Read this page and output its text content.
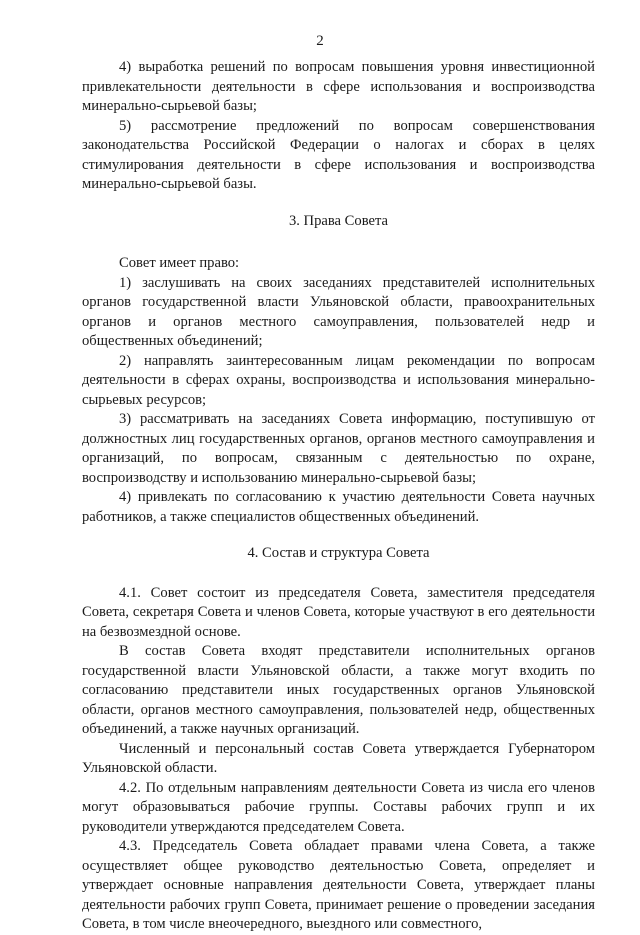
2

4) выработка решений по вопросам повышения уровня инвестиционной привлекательности деятельности в сфере использования и воспроизводства минерально-сырьевой базы;

5) рассмотрение предложений по вопросам совершенствования законодательства Российской Федерации о налогах и сборах в целях стимулирования деятельности в сфере использования и воспроизводства минерально-сырьевой базы.

3. Права Совета

Совет имеет право:

1) заслушивать на своих заседаниях представителей исполнительных органов государственной власти Ульяновской области, правоохранительных органов и органов местного самоуправления, пользователей недр и общественных объединений;

2) направлять заинтересованным лицам рекомендации по вопросам деятельности в сферах охраны, воспроизводства и использования минерально-сырьевых ресурсов;

3) рассматривать на заседаниях Совета информацию, поступившую от должностных лиц государственных органов, органов местного самоуправления и организаций, по вопросам, связанным с деятельностью по охране, воспроизводству и использованию минерально-сырьевой базы;

4) привлекать по согласованию к участию деятельности Совета научных работников, а также специалистов общественных объединений.

4. Состав и структура Совета

4.1. Совет состоит из председателя Совета, заместителя председателя Совета, секретаря Совета и членов Совета, которые участвуют в его деятельности на безвозмездной основе.

В состав Совета входят представители исполнительных органов государственной власти Ульяновской области, а также могут входить по согласованию представители иных государственных органов Ульяновской области, органов местного самоуправления, пользователей недр, общественных объединений, а также научных организаций.

Численный и персональный состав Совета утверждается Губернатором Ульяновской области.

4.2. По отдельным направлениям деятельности Совета из числа его членов могут образовываться рабочие группы. Составы рабочих групп и их руководители утверждаются председателем Совета.

4.3. Председатель Совета обладает правами члена Совета, а также осуществляет общее руководство деятельностью Совета, определяет и утверждает основные направления деятельности Совета, утверждает планы деятельности рабочих групп Совета, принимает решение о проведении заседания Совета, в том числе внеочередного, выездного или совместного,
